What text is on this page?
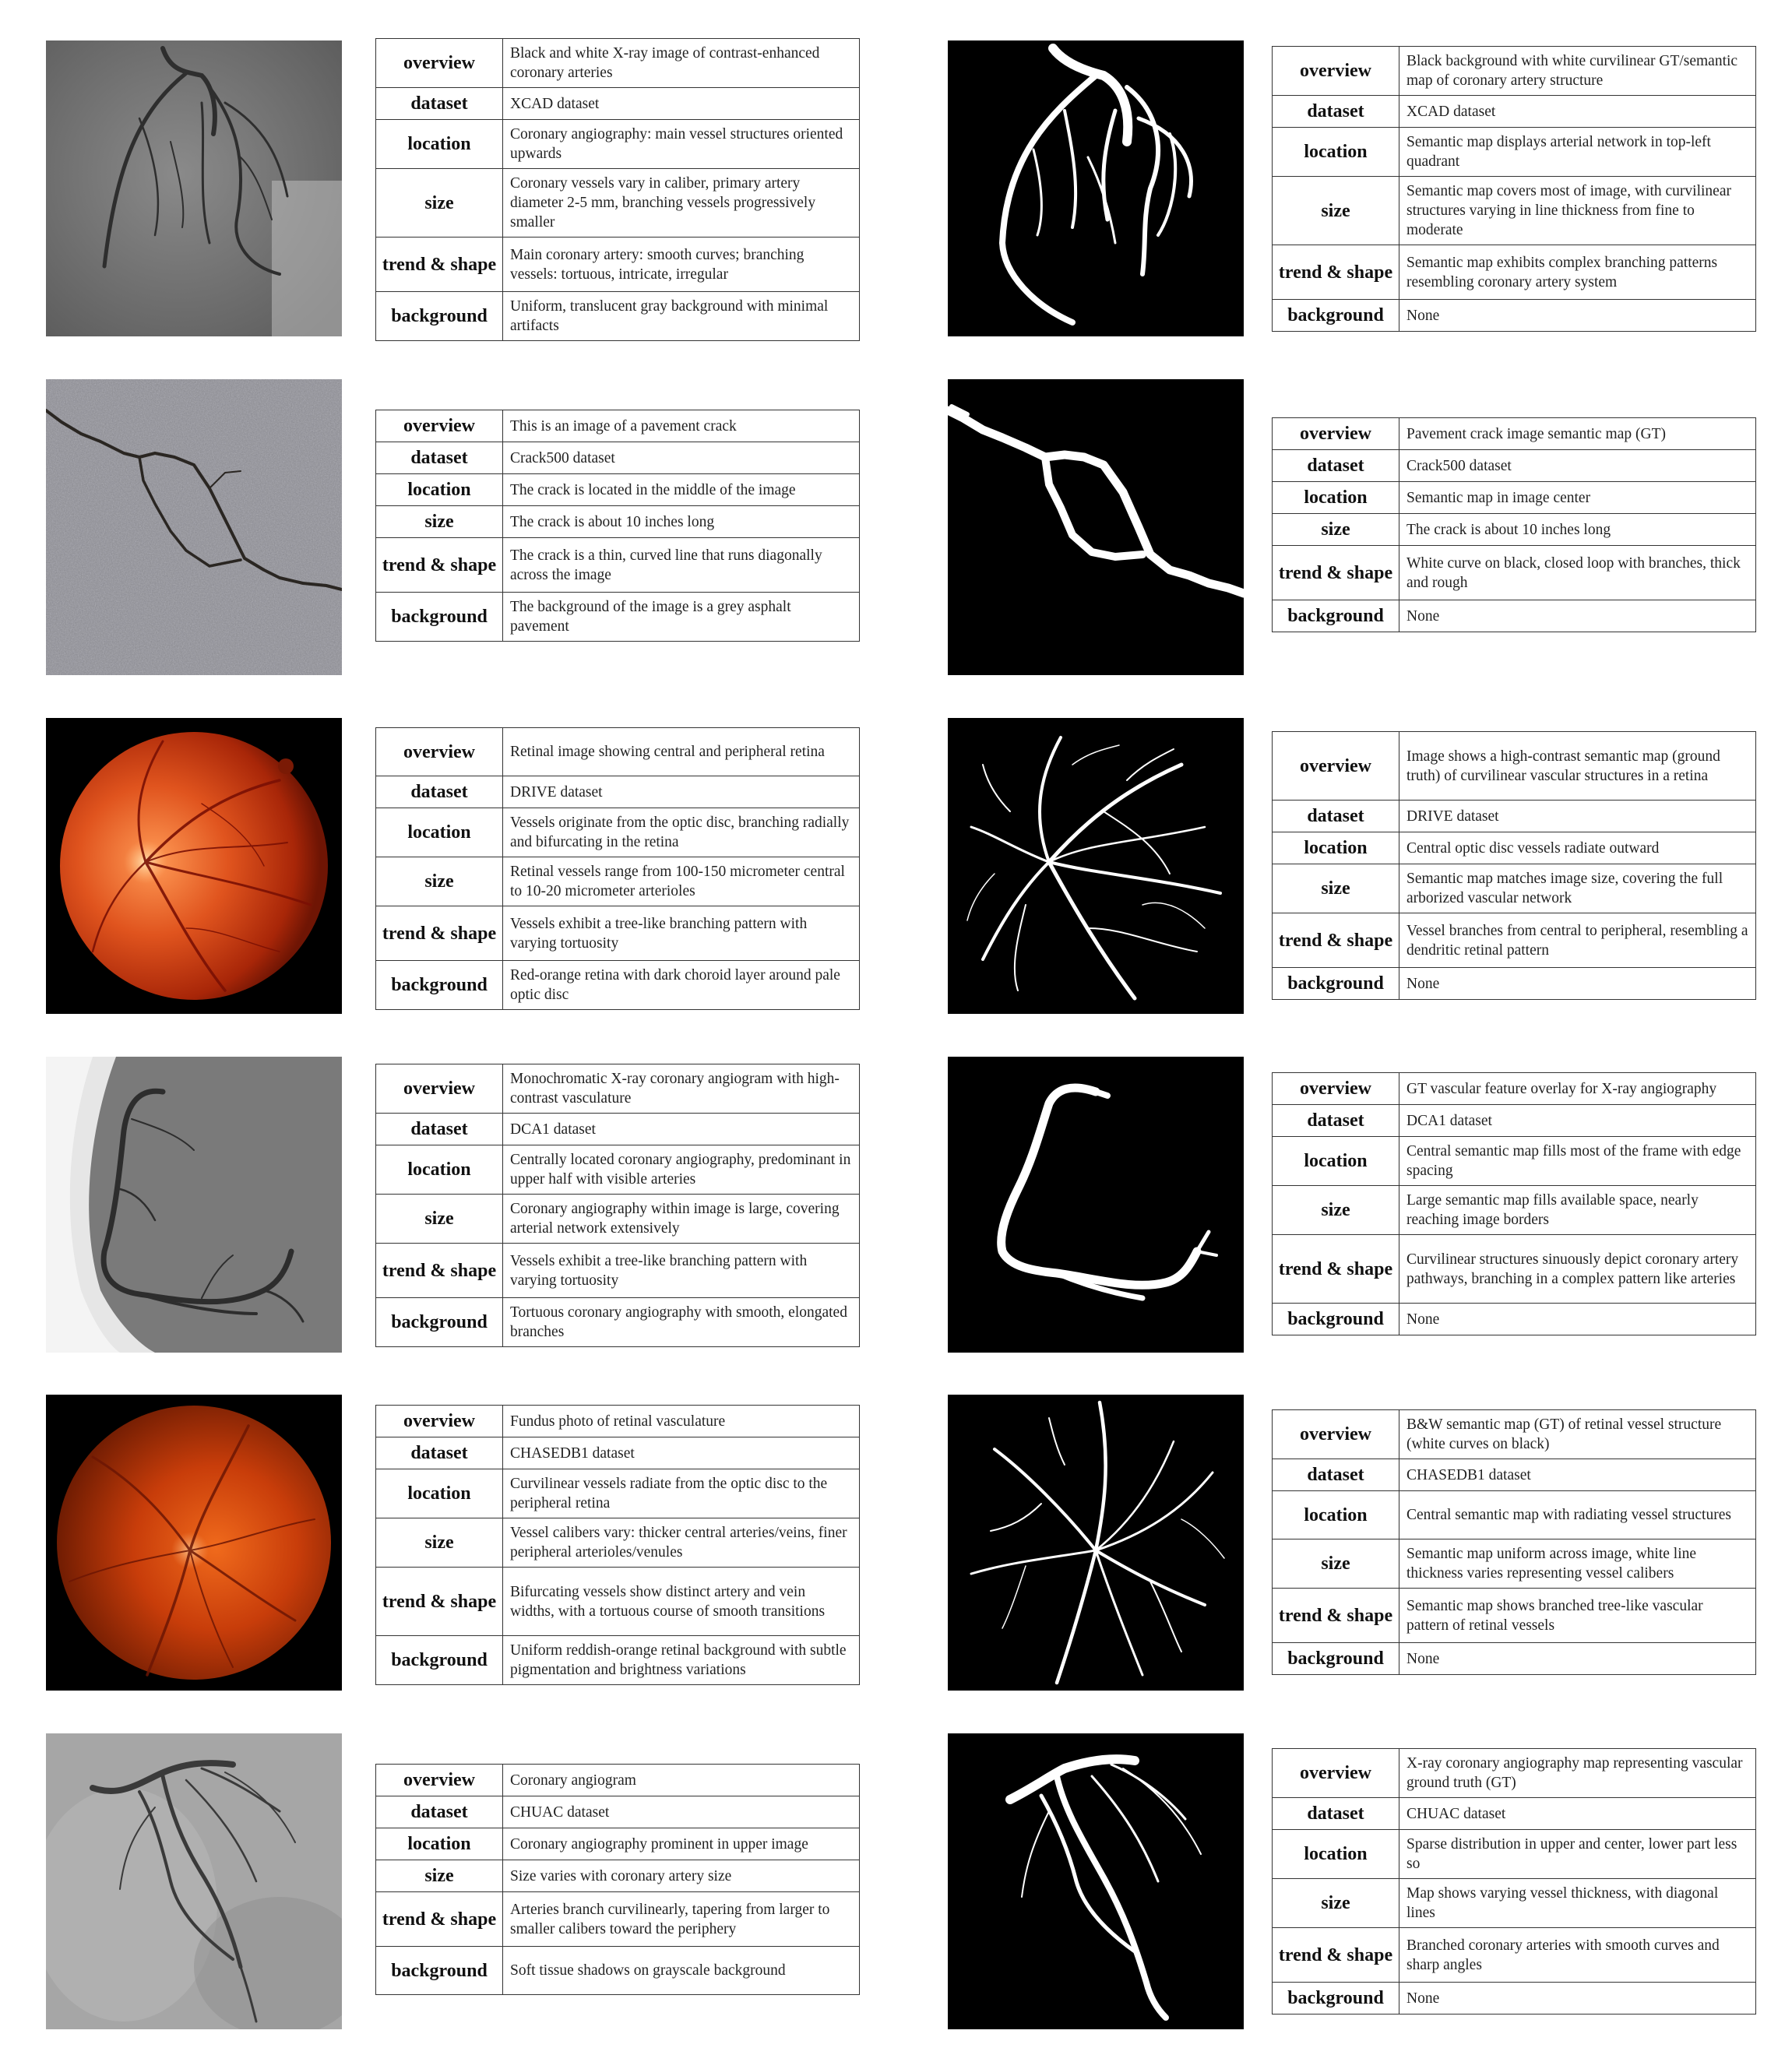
overview	Black and white X-ray image of contrast-enhanced coronary arteries
dataset	XCAD dataset
location	Coronary angiography: main vessel structures oriented upwards
size	Coronary vessels vary in caliber, primary artery diameter 2-5 mm, branching vessels progressively smaller
trend & shape	Main coronary artery: smooth curves; branching vessels: tortuous, intricate, irregular
background	Uniform, translucent gray background with minimal artifacts
overview	Black background with white curvilinear GT/semantic map of coronary artery structure
dataset	XCAD dataset
location	Semantic map displays arterial network in top-left quadrant
size	Semantic map covers most of image, with curvilinear structures varying in line thickness from fine to moderate
trend & shape	Semantic map exhibits complex branching patterns resembling coronary artery system
background	None
overview	This is an image of a pavement crack
dataset	Crack500 dataset
location	The crack is located in the middle of the image
size	The crack is about 10 inches long
trend & shape	The crack is a thin, curved line that runs diagonally across the image
background	The background of the image is a grey asphalt pavement
overview	Pavement crack image semantic map (GT)
dataset	Crack500 dataset
location	Semantic map in image center
size	The crack is about 10 inches long
trend & shape	White curve on black, closed loop with branches, thick and rough
background	None
overview	Retinal image showing central and peripheral retina
dataset	DRIVE dataset
location	Vessels originate from the optic disc, branching radially and bifurcating in the retina
size	Retinal vessels range from 100-150 micrometer central to 10-20 micrometer arterioles
trend & shape	Vessels exhibit a tree-like branching pattern with varying tortuosity
background	Red-orange retina with dark choroid layer around pale optic disc
overview	Image shows a high-contrast semantic map (ground truth) of curvilinear vascular structures in a retina
dataset	DRIVE dataset
location	Central optic disc vessels radiate outward
size	Semantic map matches image size, covering the full arborized vascular network
trend & shape	Vessel branches from central to peripheral, resembling a dendritic retinal pattern
background	None
overview	Monochromatic X-ray coronary angiogram with high-contrast vasculature
dataset	DCA1 dataset
location	Centrally located coronary angiography, predominant in upper half with visible arteries
size	Coronary angiography within image is large, covering arterial network extensively
trend & shape	Vessels exhibit a tree-like branching pattern with varying tortuosity
background	Tortuous coronary angiography with smooth, elongated branches
overview	GT vascular feature overlay for X-ray angiography
dataset	DCA1 dataset
location	Central semantic map fills most of the frame with edge spacing
size	Large semantic map fills available space, nearly reaching image borders
trend & shape	Curvilinear structures sinuously depict coronary artery pathways, branching in a complex pattern like arteries
background	None
overview	Fundus photo of retinal vasculature
dataset	CHASEDB1 dataset
location	Curvilinear vessels radiate from the optic disc to the peripheral retina
size	Vessel calibers vary: thicker central arteries/veins, finer peripheral arterioles/venules
trend & shape	Bifurcating vessels show distinct artery and vein widths, with a tortuous course of smooth transitions
background	Uniform reddish-orange retinal background with subtle pigmentation and brightness variations
overview	B&W semantic map (GT) of retinal vessel structure (white curves on black)
dataset	CHASEDB1 dataset
location	Central semantic map with radiating vessel structures
size	Semantic map uniform across image, white line thickness varies representing vessel calibers
trend & shape	Semantic map shows branched tree-like vascular pattern of retinal vessels
background	None
overview	Coronary angiogram
dataset	CHUAC dataset
location	Coronary angiography prominent in upper image
size	Size varies with coronary artery size
trend & shape	Arteries branch curvilinearly, tapering from larger to smaller calibers toward the periphery
background	Soft tissue shadows on grayscale background
overview	X-ray coronary angiography map representing vascular ground truth (GT)
dataset	CHUAC dataset
location	Sparse distribution in upper and center, lower part less so
size	Map shows varying vessel thickness, with diagonal lines
trend & shape	Branched coronary arteries with smooth curves and sharp angles
background	None
